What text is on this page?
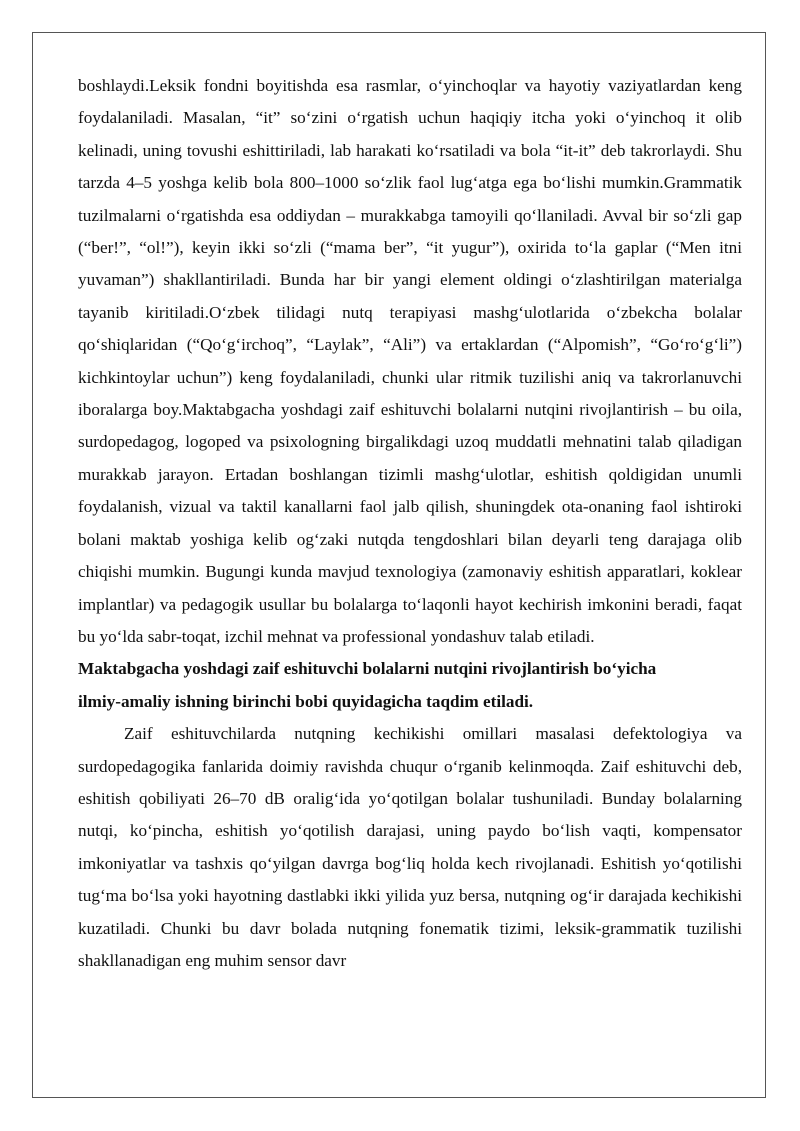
boshlaydi.Leksik fondni boyitishda esa rasmlar, o‘yinchoqlar va hayotiy vaziyatlardan keng foydalaniladi. Masalan, “it” so‘zini o‘rgatish uchun haqiqiy itcha yoki o‘yinchoq it olib kelinadi, uning tovushi eshittiriladi, lab harakati ko‘rsatiladi va bola “it-it” deb takrorlaydi. Shu tarzda 4–5 yoshga kelib bola 800–1000 so‘zlik faol lug‘atga ega bo‘lishi mumkin.Grammatik tuzilmalarni o‘rgatishda esa oddiydan – murakkabga tamoyili qo‘llaniladi. Avval bir so‘zli gap (“ber!”, “ol!”), keyin ikki so‘zli (“mama ber”, “it yugur”), oxirida to‘la gaplar (“Men itni yuvaman”) shakllantiriladi. Bunda har bir yangi element oldingi o‘zlashtirilgan materialga tayanib kiritiladi.O‘zbek tilidagi nutq terapiyasi mashg‘ulotlarida o‘zbekcha bolalar qo‘shiqlaridan (“Qo‘g‘irchoq”, “Laylak”, “Ali”) va ertaklardan (“Alpomish”, “Go‘ro‘g‘li”) kichkintoylar uchun”) keng foydalaniladi, chunki ular ritmik tuzilishi aniq va takrorlanuvchi iboralarga boy.Maktabgacha yoshdagi zaif eshituvchi bolalarni nutqini rivojlantirish – bu oila, surdopedagog, logoped va psixologning birgalikdagi uzoq muddatli mehnatini talab qiladigan murakkab jarayon. Ertadan boshlangan tizimli mashg‘ulotlar, eshitish qoldigidan unumli foydalanish, vizual va taktil kanallarni faol jalb qilish, shuningdek ota-onaning faol ishtiroki bolani maktab yoshiga kelib og‘zaki nutqda tengdoshlari bilan deyarli teng darajaga olib chiqishi mumkin. Bugungi kunda mavjud texnologiya (zamonaviy eshitish apparatlari, koklear implantlar) va pedagogik usullar bu bolalarga to‘laqonli hayot kechirish imkonini beradi, faqat bu yo‘lda sabr-toqat, izchil mehnat va professional yondashuv talab etiladi.

Maktabgacha yoshdagi zaif eshituvchi bolalarni nutqini rivojlantirish bo‘yicha

ilmiy-amaliy ishning birinchi bobi quyidagicha taqdim etiladi.

Zaif eshituvchilarda nutqning kechikishi omillari masalasi defektologiya va surdopedagogika fanlarida doimiy ravishda chuqur o‘rganib kelinmoqda. Zaif eshituvchi deb, eshitish qobiliyati 26–70 dB oralig‘ida yo‘qotilgan bolalar tushuniladi. Bunday bolalarning nutqi, ko‘pincha, eshitish yo‘qotilish darajasi, uning paydo bo‘lish vaqti, kompensator imkoniyatlar va tashxis qo‘yilgan davrga bog‘liq holda kech rivojlanadi. Eshitish yo‘qotilishi tug‘ma bo‘lsa yoki hayotning dastlabki ikki yilida yuz bersa, nutqning og‘ir darajada kechikishi kuzatiladi. Chunki bu davr bolada nutqning fonematik tizimi, leksik-grammatik tuzilishi shakllanadigan eng muhim sensor davr
